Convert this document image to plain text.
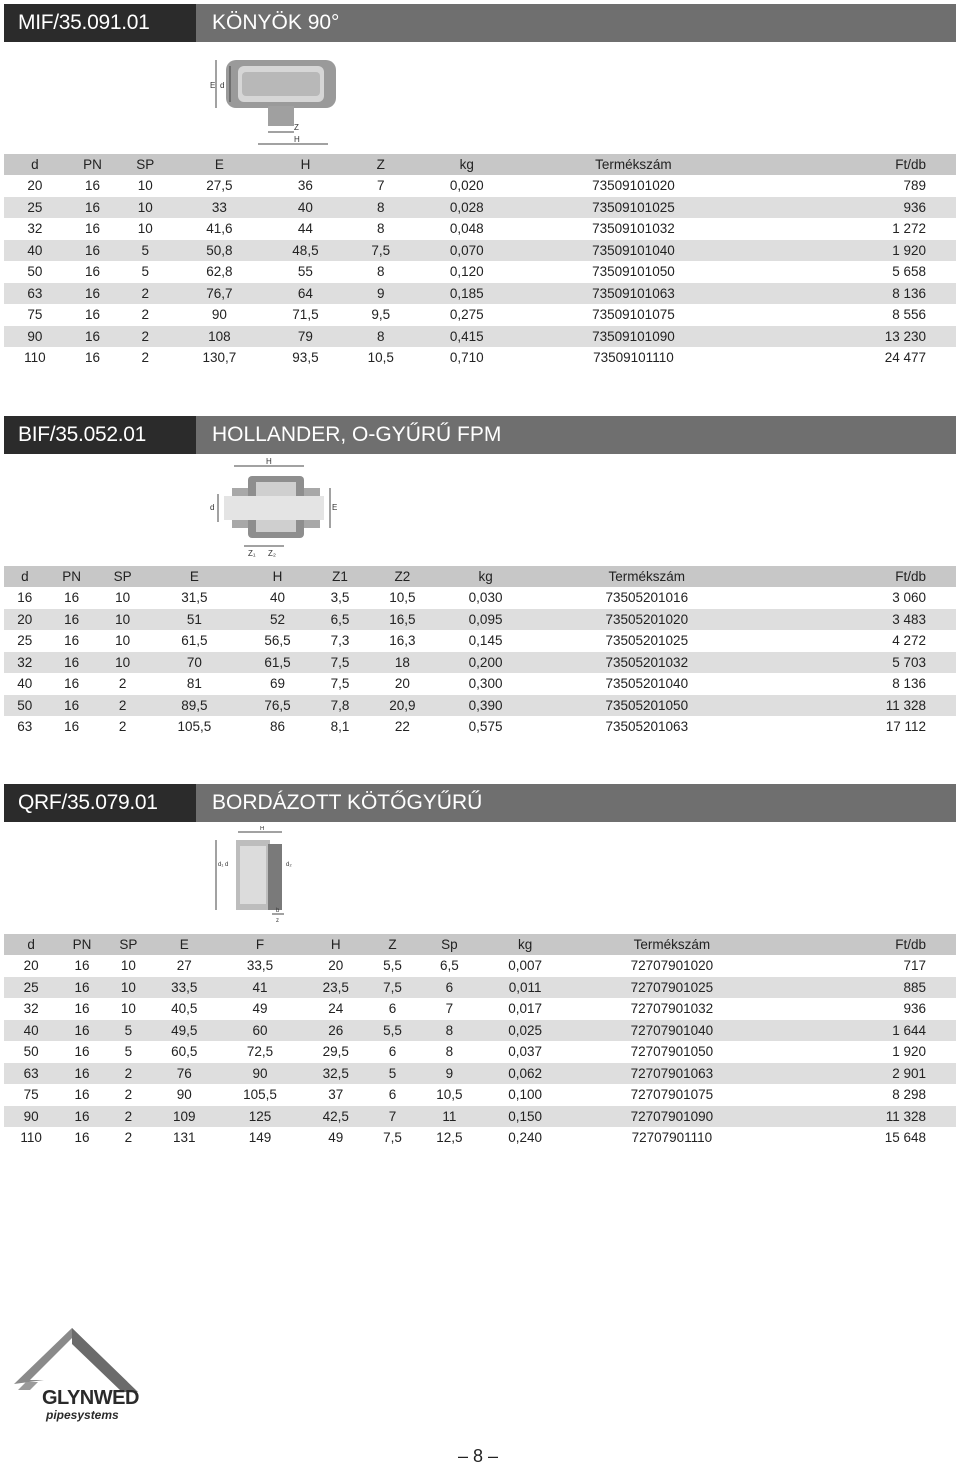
MIF/35.091.01	KÖNYÖK 90°
E d
Z
H
d	PN	SP	E	H	Z	kg	Termékszám	Ft/db
20	16	10	27,5	36	7	0,020	73509101020	789
25	16	10	33	40	8	0,028	73509101025	936
32	16	10	41,6	44	8	0,048	73509101032	1 272
40	16	5	50,8	48,5	7,5	0,070	73509101040	1 920
50	16	5	62,8	55	8	0,120	73509101050	5 658
63	16	2	76,7	64	9	0,185	73509101063	8 136
75	16	2	90	71,5	9,5	0,275	73509101075	8 556
90	16	2	108	79	8	0,415	73509101090	13 230
110	16	2	130,7	93,5	10,5	0,710	73509101110	24 477
BIF/35.052.01	HOLLANDER, O-GYŰRŰ FPM
H
d	E
Z₁ Z₂
d	PN	SP	E	H	Z1	Z2	kg	Termékszám	Ft/db
16	16	10	31,5	40	3,5	10,5	0,030	73505201016	3 060
20	16	10	51	52	6,5	16,5	0,095	73505201020	3 483
25	16	10	61,5	56,5	7,3	16,3	0,145	73505201025	4 272
32	16	10	70	61,5	7,5	18	0,200	73505201032	5 703
40	16	2	81	69	7,5	20	0,300	73505201040	8 136
50	16	2	89,5	76,5	7,8	20,9	0,390	73505201050	11 328
63	16	2	105,5	86	8,1	22	0,575	73505201063	17 112
QRF/35.079.01	BORDÁZOTT KÖTŐGYŰRŰ
H
d₁ d	d₂
b
z
d	PN	SP	E	F	H	Z	Sp	kg	Termékszám	Ft/db
20	16	10	27	33,5	20	5,5	6,5	0,007	72707901020	717
25	16	10	33,5	41	23,5	7,5	6	0,011	72707901025	885
32	16	10	40,5	49	24	6	7	0,017	72707901032	936
40	16	5	49,5	60	26	5,5	8	0,025	72707901040	1 644
50	16	5	60,5	72,5	29,5	6	8	0,037	72707901050	1 920
63	16	2	76	90	32,5	5	9	0,062	72707901063	2 901
75	16	2	90	105,5	37	6	10,5	0,100	72707901075	8 298
90	16	2	109	125	42,5	7	11	0,150	72707901090	11 328
110	16	2	131	149	49	7,5	12,5	0,240	72707901110	15 648
GLYNWED
pipesystems
– 8 –
